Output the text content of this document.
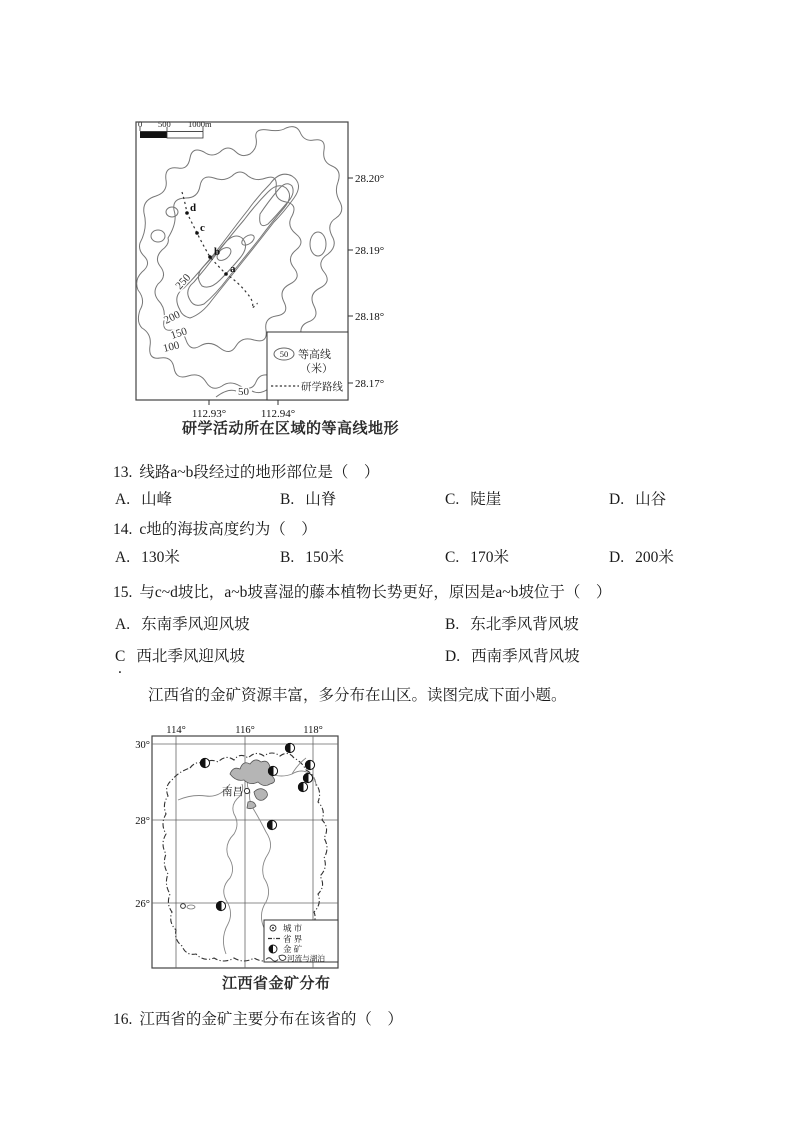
250
200
150
100
50
d
c
b
a
0 500 1000m
28.20°
28.19°
28.18°
28.17°
112.93°	112.94°
50 等高线
（米）
研学路线
研学活动所在区域的等高线地形
13. 线路a~b段经过的地形部位是（    ）
A. 山峰	B. 山脊	C. 陡崖	D. 山谷
14. c地的海拔高度约为（    ）
A. 130米	B. 150米	C. 170米	D. 200米
15. 与c~d坡比，a~b坡喜湿的藤本植物长势更好，原因是a~b坡位于（    ）
A. 东南季风迎风坡	B. 东北季风背风坡
C
.
西北季风迎风坡	D. 西南季风背风坡
江西省的金矿资源丰富，多分布在山区。读图完成下面小题。
114°	116°	118°
30°
28°
26°
南昌
城 市
省 界
金 矿
河流与湖泊
江西省金矿分布
16. 江西省的金矿主要分布在该省的（    ）
